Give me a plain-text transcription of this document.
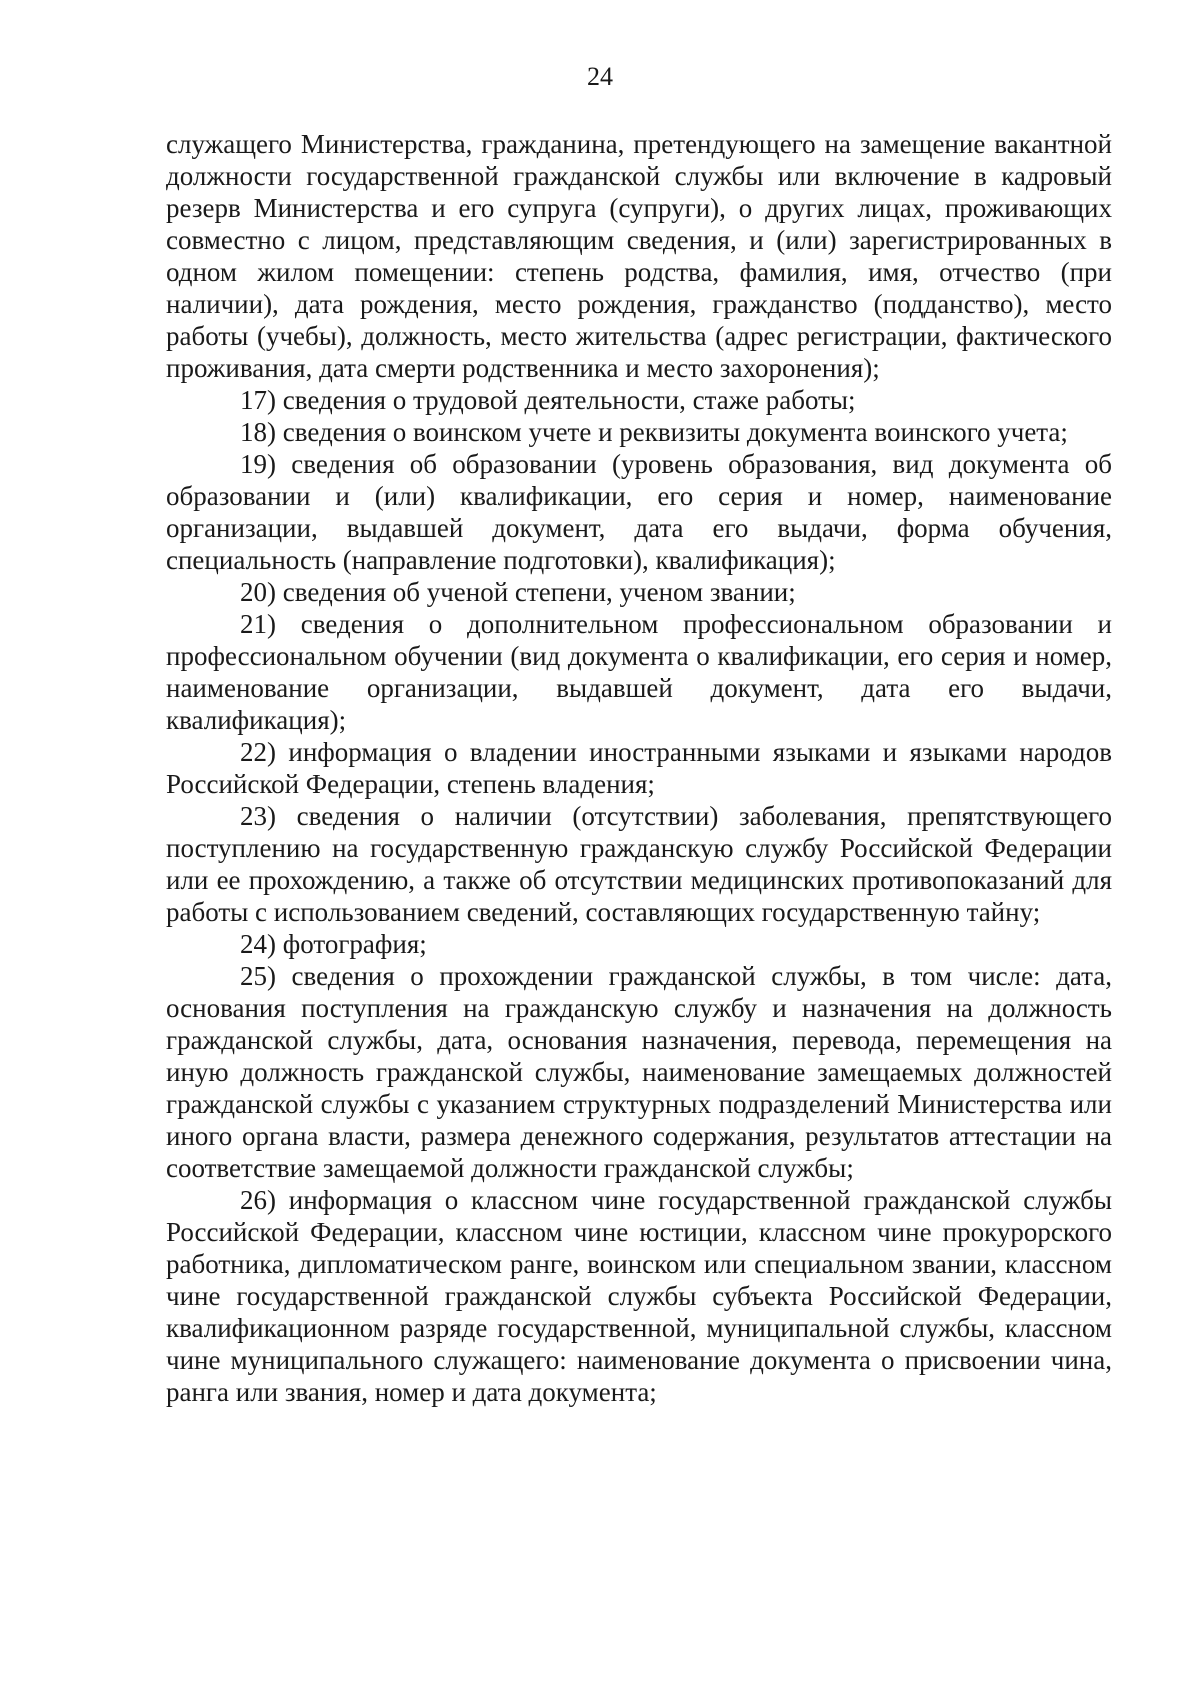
24

служащего Министерства, гражданина, претендующего на замещение вакантной должности государственной гражданской службы или включение в кадровый резерв Министерства и его супруга (супруги), о других лицах, проживающих совместно с лицом, представляющим сведения, и (или) зарегистрированных в одном жилом помещении: степень родства, фамилия, имя, отчество (при наличии), дата рождения, место рождения, гражданство (подданство), место работы (учебы), должность, место жительства (адрес регистрации, фактического проживания, дата смерти родственника и место захоронения);

17) сведения о трудовой деятельности, стаже работы;

18) сведения о воинском учете и реквизиты документа воинского учета;

19) сведения об образовании (уровень образования, вид документа об образовании и (или) квалификации, его серия и номер, наименование организации, выдавшей документ, дата его выдачи, форма обучения, специальность (направление подготовки), квалификация);

20) сведения об ученой степени, ученом звании;

21) сведения о дополнительном профессиональном образовании и профессиональном обучении (вид документа о квалификации, его серия и номер, наименование организации, выдавшей документ, дата его выдачи, квалификация);

22) информация о владении иностранными языками и языками народов Российской Федерации, степень владения;

23) сведения о наличии (отсутствии) заболевания, препятствующего поступлению на государственную гражданскую службу Российской Федерации или ее прохождению, а также об отсутствии медицинских противопоказаний для работы с использованием сведений, составляющих государственную тайну;

24) фотография;

25) сведения о прохождении гражданской службы, в том числе: дата, основания поступления на гражданскую службу и назначения на должность гражданской службы, дата, основания назначения, перевода, перемещения на иную должность гражданской службы, наименование замещаемых должностей гражданской службы с указанием структурных подразделений Министерства или иного органа власти, размера денежного содержания, результатов аттестации на соответствие замещаемой должности гражданской службы;

26) информация о классном чине государственной гражданской службы Российской Федерации, классном чине юстиции, классном чине прокурорского работника, дипломатическом ранге, воинском или специальном звании, классном чине государственной гражданской службы субъекта Российской Федерации, квалификационном разряде государственной, муниципальной службы, классном чине муниципального служащего: наименование документа о присвоении чина, ранга или звания, номер и дата документа;
